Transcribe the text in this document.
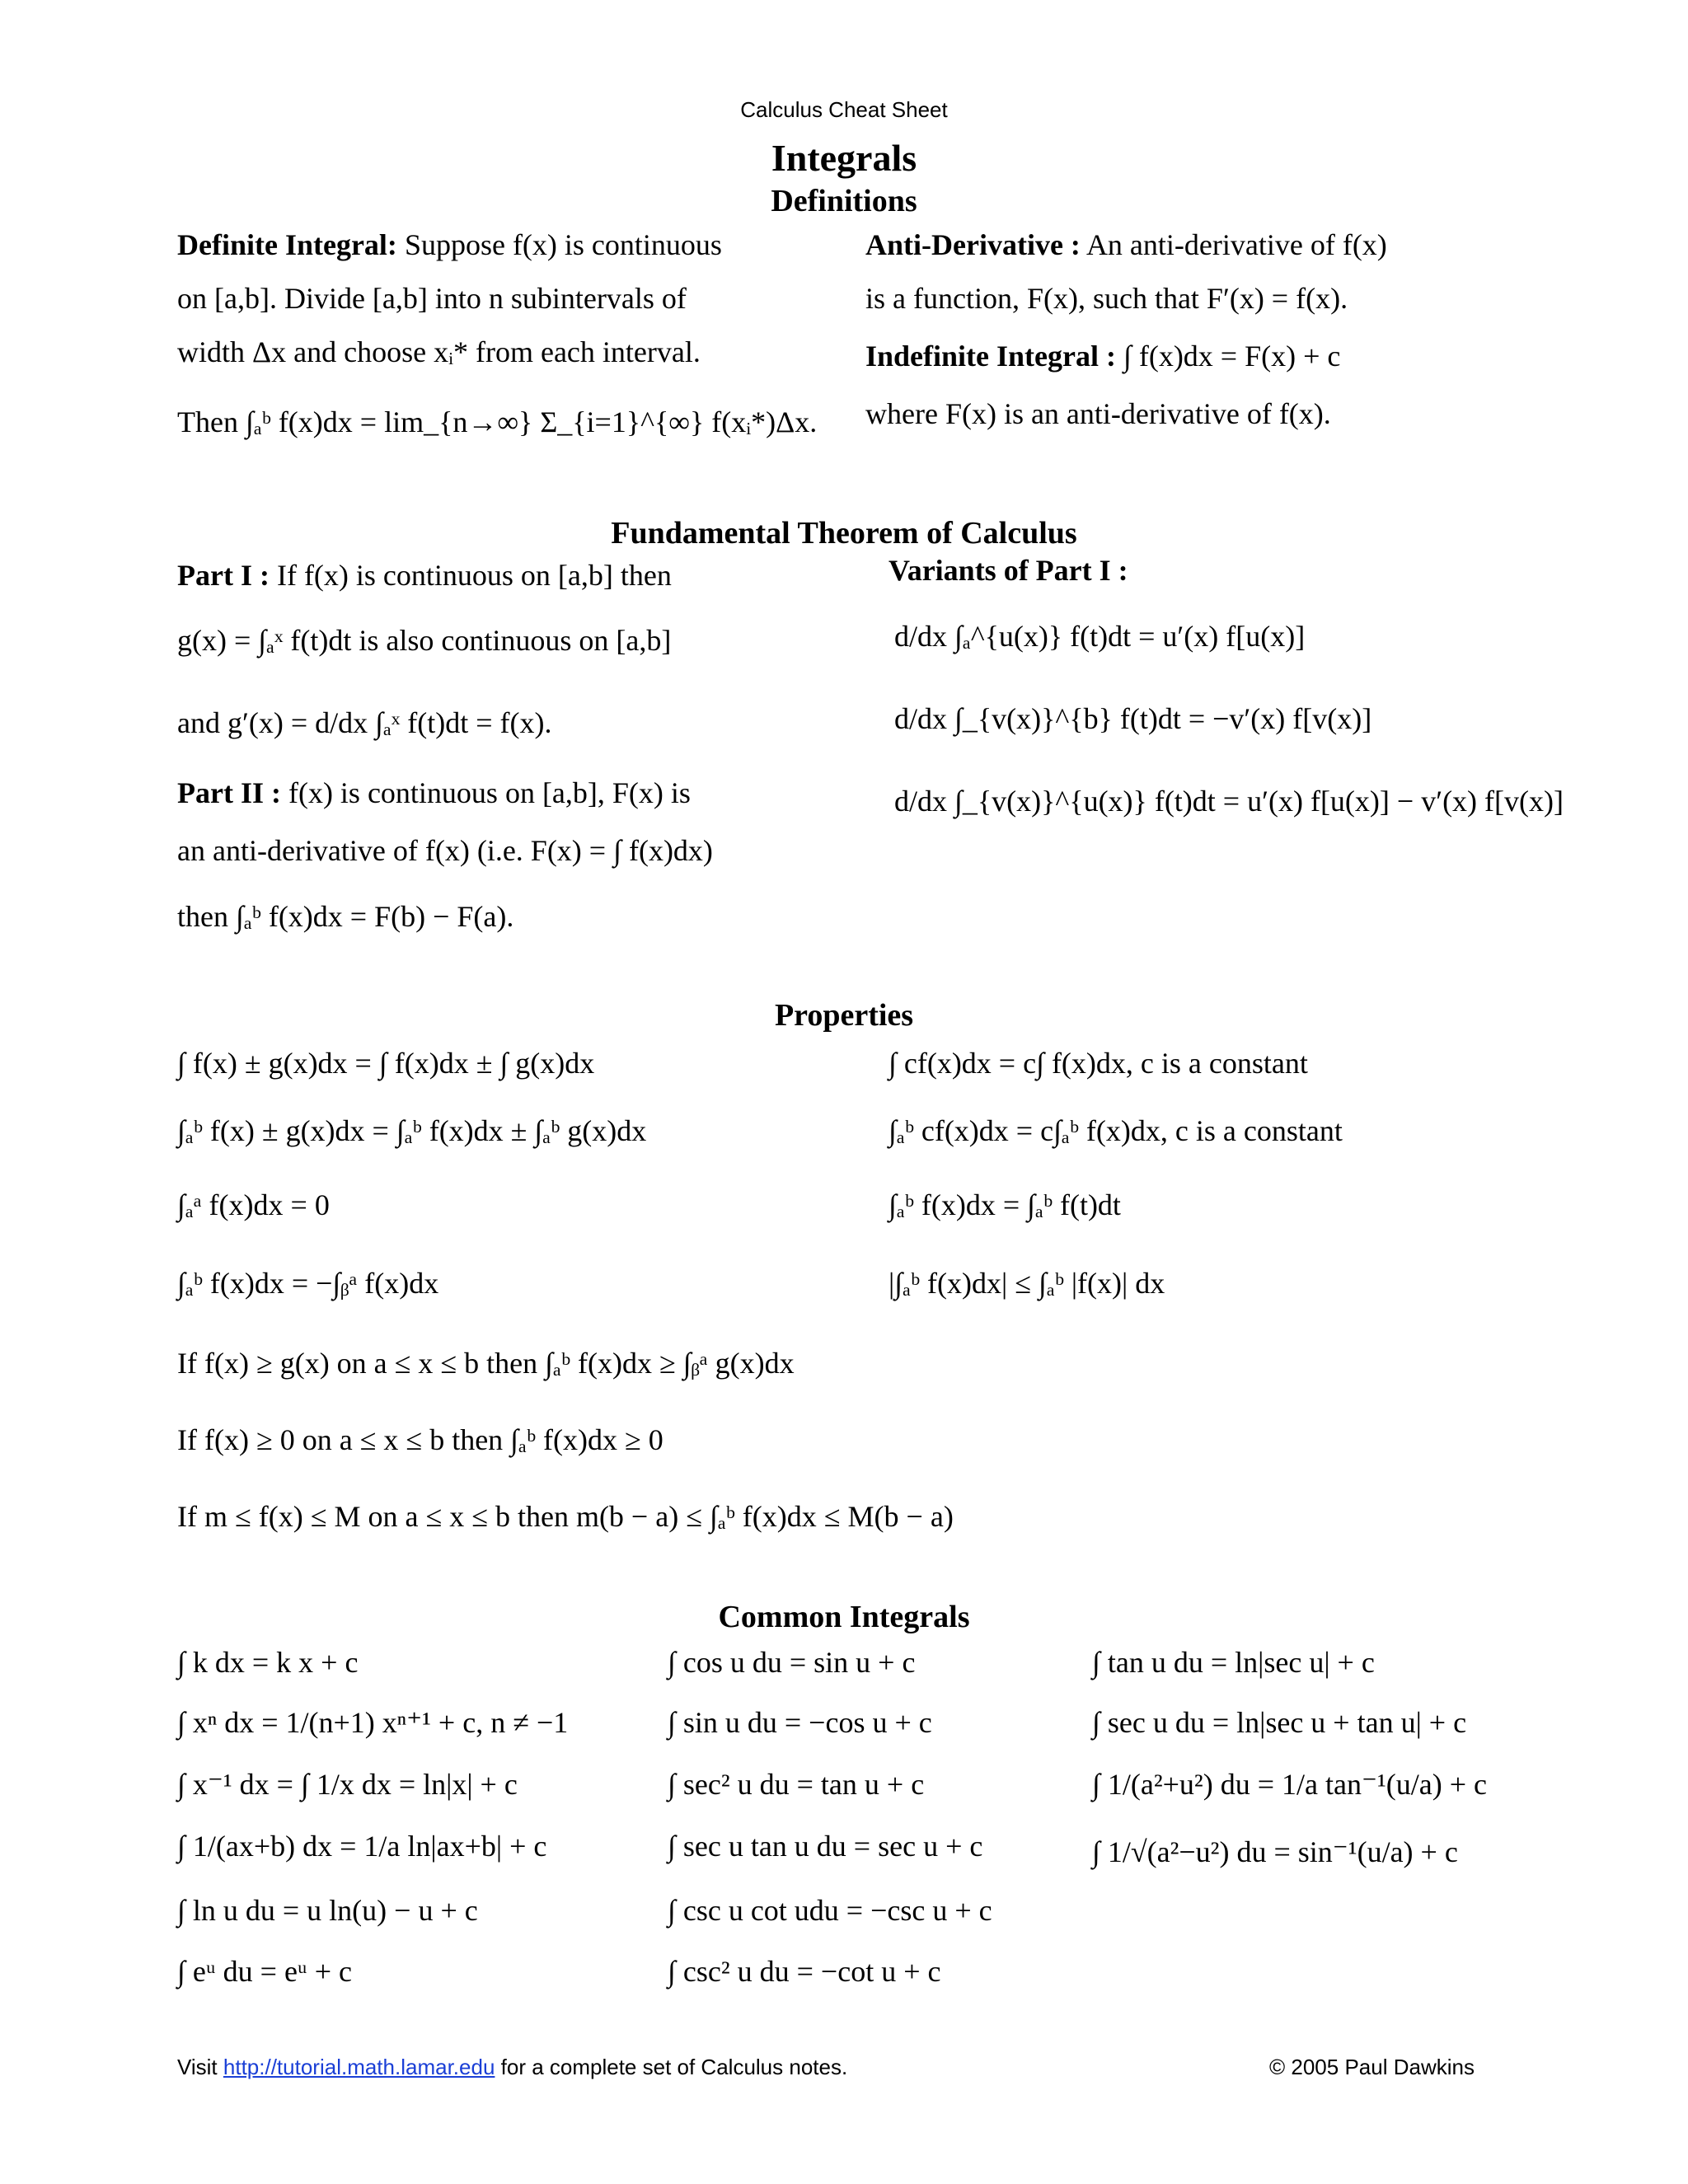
Calculus Cheat Sheet
Integrals
Definitions
Definite Integral: Suppose f(x) is continuous
on [a,b]. Divide [a,b] into n subintervals of
width Δx and choose xᵢ* from each interval.
Then ∫ₐᵇ f(x)dx = lim_{n→∞} Σ_{i=1}^{∞} f(xᵢ*)Δx.
Anti-Derivative : An anti-derivative of f(x)
is a function, F(x), such that F′(x) = f(x).
Indefinite Integral : ∫ f(x)dx = F(x) + c
where F(x) is an anti-derivative of f(x).
Fundamental Theorem of Calculus
Part I : If f(x) is continuous on [a,b] then
g(x) = ∫ₐˣ f(t)dt is also continuous on [a,b]
and g′(x) = d/dx ∫ₐˣ f(t)dt = f(x).
Part II : f(x) is continuous on [a,b], F(x) is
an anti-derivative of f(x) (i.e. F(x) = ∫ f(x)dx)
then ∫ₐᵇ f(x)dx = F(b) − F(a).
Variants of Part I :
d/dx ∫ₐ^{u(x)} f(t)dt = u′(x) f[u(x)]
d/dx ∫_{v(x)}^{b} f(t)dt = −v′(x) f[v(x)]
d/dx ∫_{v(x)}^{u(x)} f(t)dt = u′(x) f[u(x)] − v′(x) f[v(x)]
Properties
∫ f(x) ± g(x)dx = ∫ f(x)dx ± ∫ g(x)dx
∫ₐᵇ f(x) ± g(x)dx = ∫ₐᵇ f(x)dx ± ∫ₐᵇ g(x)dx
∫ₐᵃ f(x)dx = 0
∫ₐᵇ f(x)dx = −∫ᵦᵃ f(x)dx
∫ cf(x)dx = c∫ f(x)dx, c is a constant
∫ₐᵇ cf(x)dx = c∫ₐᵇ f(x)dx, c is a constant
∫ₐᵇ f(x)dx = ∫ₐᵇ f(t)dt
|∫ₐᵇ f(x)dx| ≤ ∫ₐᵇ |f(x)| dx
If f(x) ≥ g(x) on a ≤ x ≤ b then ∫ₐᵇ f(x)dx ≥ ∫ᵦᵃ g(x)dx
If f(x) ≥ 0 on a ≤ x ≤ b then ∫ₐᵇ f(x)dx ≥ 0
If m ≤ f(x) ≤ M on a ≤ x ≤ b then m(b − a) ≤ ∫ₐᵇ f(x)dx ≤ M(b − a)
Common Integrals
∫ k dx = k x + c
∫ xⁿ dx = 1/(n+1) xⁿ⁺¹ + c, n ≠ −1
∫ x⁻¹ dx = ∫ 1/x dx = ln|x| + c
∫ 1/(ax+b) dx = 1/a ln|ax+b| + c
∫ ln u du = u ln(u) − u + c
∫ eᵘ du = eᵘ + c
∫ cos u du = sin u + c
∫ sin u du = −cos u + c
∫ sec² u du = tan u + c
∫ sec u tan u du = sec u + c
∫ csc u cot udu = −csc u + c
∫ csc² u du = −cot u + c
∫ tan u du = ln|sec u| + c
∫ sec u du = ln|sec u + tan u| + c
∫ 1/(a²+u²) du = 1/a tan⁻¹(u/a) + c
∫ 1/√(a²−u²) du = sin⁻¹(u/a) + c
Visit http://tutorial.math.lamar.edu for a complete set of Calculus notes.	© 2005 Paul Dawkins
